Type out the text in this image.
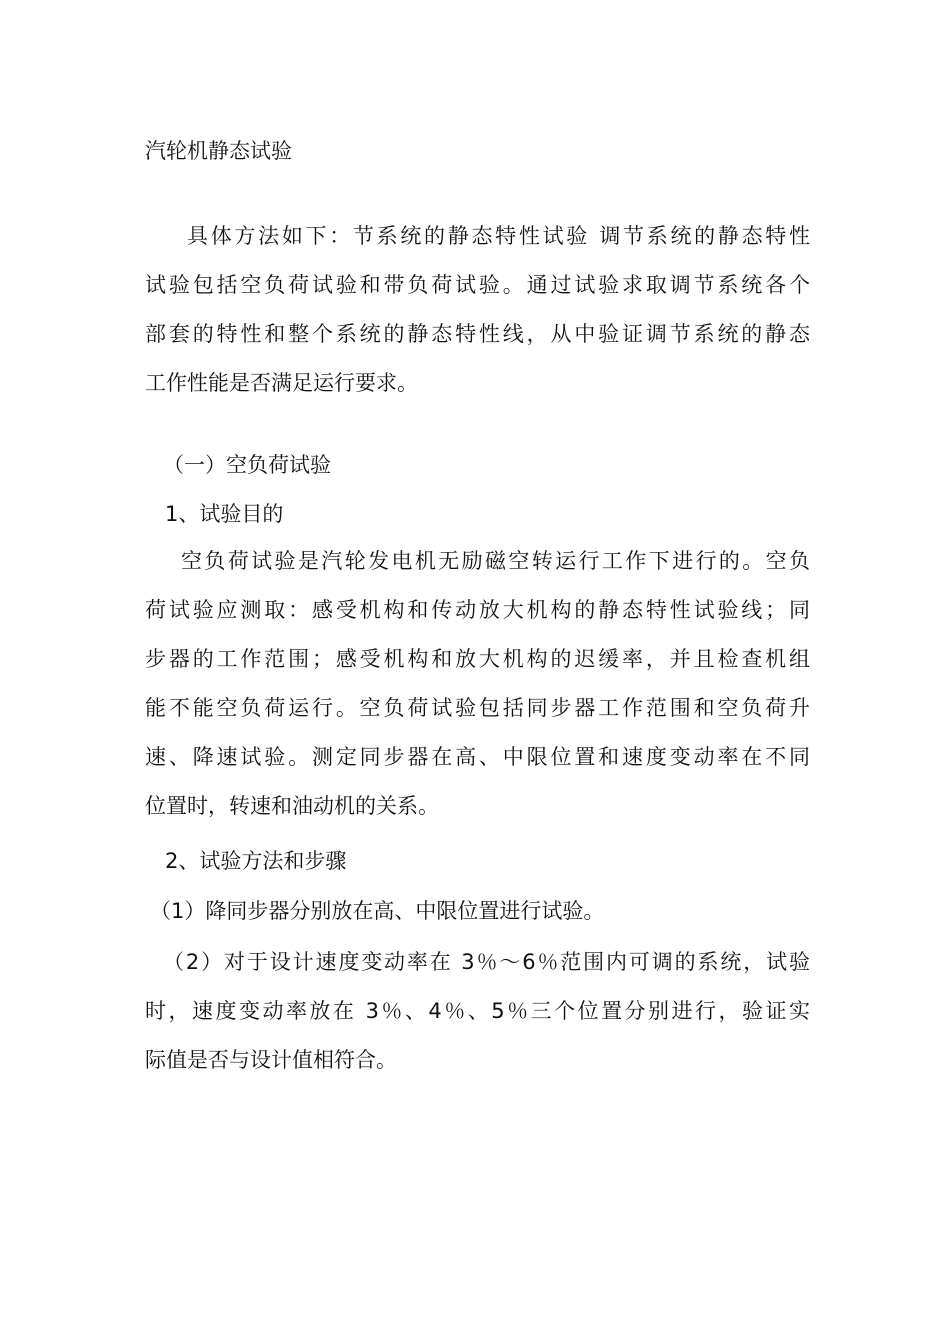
汽轮机静态试验
具体方法如下：节系统的静态特性试验 调节系统的静态特性
试验包括空负荷试验和带负荷试验。通过试验求取调节系统各个
部套的特性和整个系统的静态特性线，从中验证调节系统的静态
工作性能是否满足运行要求。
（一）空负荷试验
1、试验目的
空负荷试验是汽轮发电机无励磁空转运行工作下进行的。空负
荷试验应测取：感受机构和传动放大机构的静态特性试验线；同
步器的工作范围；感受机构和放大机构的迟缓率，并且检查机组
能不能空负荷运行。空负荷试验包括同步器工作范围和空负荷升
速、降速试验。测定同步器在高、中限位置和速度变动率在不同
位置时，转速和油动机的关系。
2、试验方法和步骤
（1）降同步器分别放在高、中限位置进行试验。
（2）对于设计速度变动率在 3％～6％范围内可调的系统，试验
时，速度变动率放在 3％、4％、5％三个位置分别进行，验证实
际值是否与设计值相符合。
